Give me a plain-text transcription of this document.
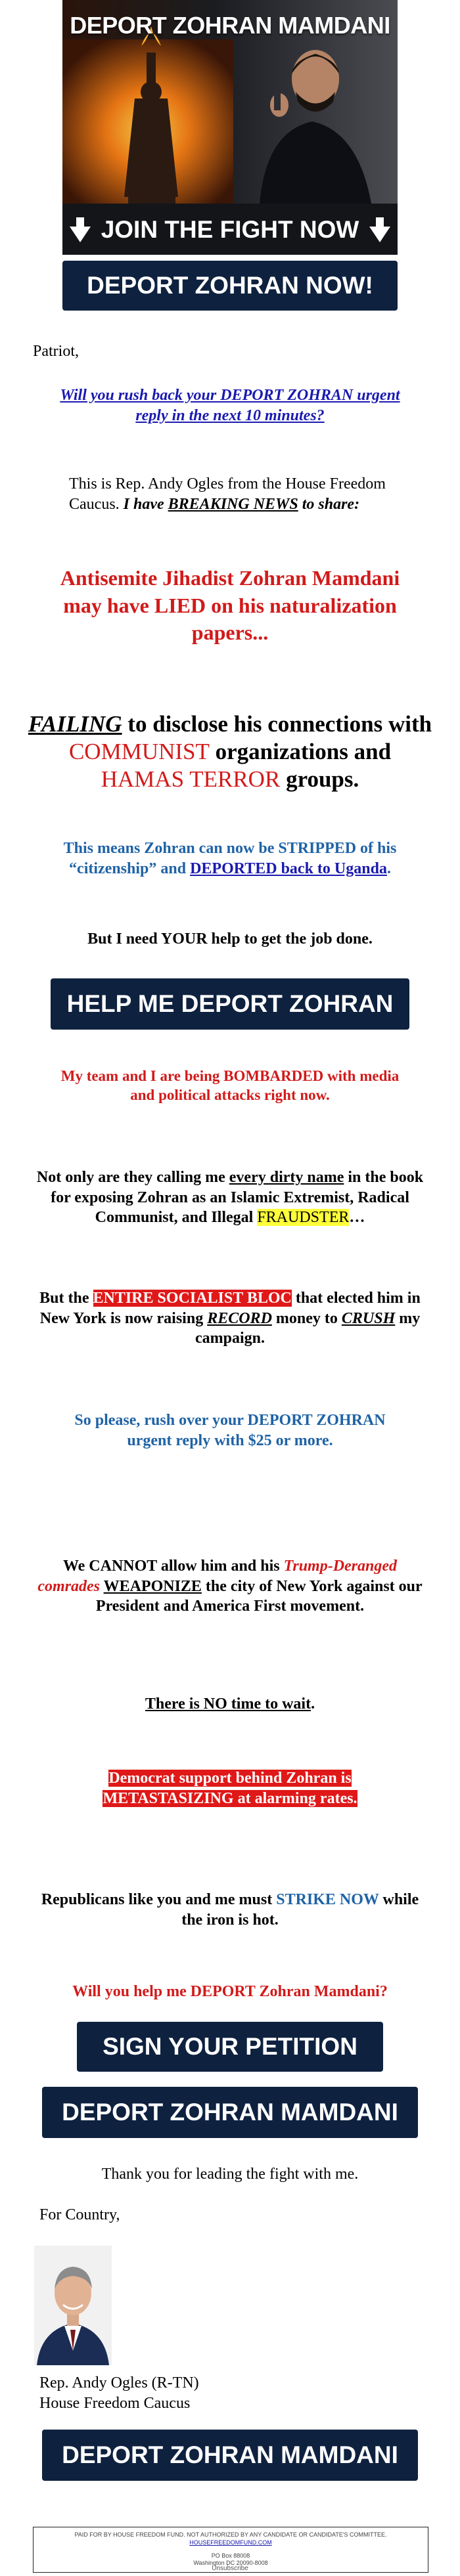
DEPORT ZOHRAN MAMDANI
JOIN THE FIGHT NOW
DEPORT ZOHRAN NOW!
Patriot,
Will you rush back your DEPORT ZOHRAN urgent reply in the next 10 minutes?
This is Rep. Andy Ogles from the House Freedom Caucus. I have BREAKING NEWS to share:
Antisemite Jihadist Zohran Mamdani may have LIED on his naturalization papers...
FAILING to disclose his connections with COMMUNIST organizations and HAMAS TERROR groups.
This means Zohran can now be STRIPPED of his “citizenship” and DEPORTED back to Uganda.
But I need YOUR help to get the job done.
HELP ME DEPORT ZOHRAN
My team and I are being BOMBARDED with media and political attacks right now.
Not only are they calling me every dirty name in the book for exposing Zohran as an Islamic Extremist, Radical Communist, and Illegal FRAUDSTER…
But the ENTIRE SOCIALIST BLOC that elected him in New York is now raising RECORD money to CRUSH my campaign.
So please, rush over your DEPORT ZOHRAN urgent reply with $25 or more.
We CANNOT allow him and his Trump-Deranged comrades WEAPONIZE the city of New York against our President and America First movement.
There is NO time to wait.
Democrat support behind Zohran is
METASTASIZING at alarming rates.
Republicans like you and me must STRIKE NOW while the iron is hot.
Will you help me DEPORT Zohran Mamdani?
SIGN YOUR PETITION
DEPORT ZOHRAN MAMDANI
Thank you for leading the fight with me.
For Country,
Rep. Andy Ogles (R-TN)
House Freedom Caucus
DEPORT ZOHRAN MAMDANI
PAID FOR BY HOUSE FREEDOM FUND. NOT AUTHORIZED BY ANY CANDIDATE OR CANDIDATE'S COMMITTEE.
HOUSEFREEDOMFUND.COM
PO Box 88008
Washington DC 20090-8008
Unsubscribe
